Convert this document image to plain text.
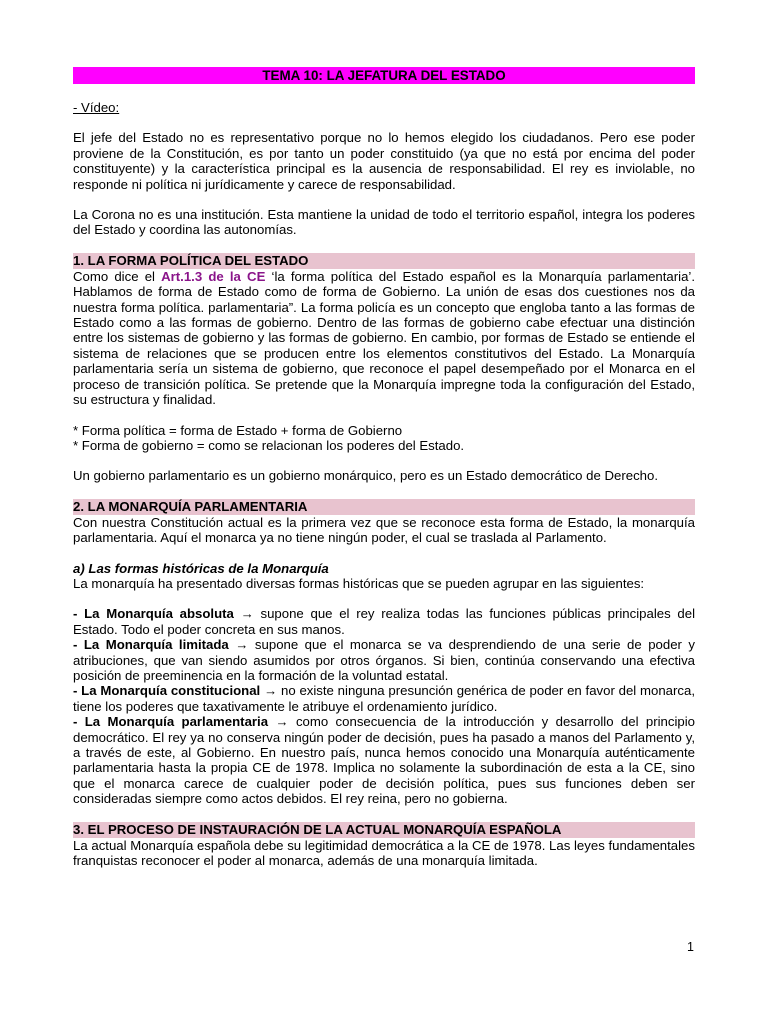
TEMA 10: LA JEFATURA DEL ESTADO
- Vídeo:

El jefe del Estado no es representativo porque no lo hemos elegido los ciudadanos. Pero ese poder proviene de la Constitución, es por tanto un poder constituido (ya que no está por encima del poder constituyente) y la característica principal es la ausencia de responsabilidad. El rey es inviolable, no responde ni política ni jurídicamente y carece de responsabilidad.

La Corona no es una institución. Esta mantiene la unidad de todo el territorio español, integra los poderes del Estado y coordina las autonomías.

1. LA FORMA POLÍTICA DEL ESTADO

Como dice el Art.1.3 de la CE ‘la forma política del Estado español es la Monarquía parlamentaria’. Hablamos de forma de Estado como de forma de Gobierno. La unión de esas dos cuestiones nos da nuestra forma política. parlamentaria”. La forma policía es un concepto que engloba tanto a las formas de Estado como a las formas de gobierno. Dentro de las formas de gobierno cabe efectuar una distinción entre los sistemas de gobierno y las formas de gobierno. En cambio, por formas de Estado se entiende el sistema de relaciones que se producen entre los elementos constitutivos del Estado. La Monarquía parlamentaria sería un sistema de gobierno, que reconoce el papel desempeñado por el Monarca en el proceso de transición política. Se pretende que la Monarquía impregne toda la configuración del Estado, su estructura y finalidad.

* Forma política = forma de Estado + forma de Gobierno

* Forma de gobierno = como se relacionan los poderes del Estado.

Un gobierno parlamentario es un gobierno monárquico, pero es un Estado democrático de Derecho.

2. LA MONARQUÍA PARLAMENTARIA

Con nuestra Constitución actual es la primera vez que se reconoce esta forma de Estado, la monarquía parlamentaria. Aquí el monarca ya no tiene ningún poder, el cual se traslada al Parlamento.

a) Las formas históricas de la Monarquía

La monarquía ha presentado diversas formas históricas que se pueden agrupar en las siguientes:

- La Monarquía absoluta → supone que el rey realiza todas las funciones públicas principales del Estado. Todo el poder concreta en sus manos.

- La Monarquía limitada → supone que el monarca se va desprendiendo de una serie de poder y atribuciones, que van siendo asumidos por otros órganos. Si bien, continúa conservando una efectiva posición de preeminencia en la formación de la voluntad estatal.

- La Monarquía constitucional → no existe ninguna presunción genérica de poder en favor del monarca, tiene los poderes que taxativamente le atribuye el ordenamiento jurídico.

- La Monarquía parlamentaria → como consecuencia de la introducción y desarrollo del principio democrático. El rey ya no conserva ningún poder de decisión, pues ha pasado a manos del Parlamento y, a través de este, al Gobierno. En nuestro país, nunca hemos conocido una Monarquía auténticamente parlamentaria hasta la propia CE de 1978. Implica no solamente la subordinación de esta a la CE, sino que el monarca carece de cualquier poder de decisión política, pues sus funciones deben ser consideradas siempre como actos debidos. El rey reina, pero no gobierna.

3. EL PROCESO DE INSTAURACIÓN DE LA ACTUAL MONARQUÍA ESPAÑOLA

La actual Monarquía española debe su legitimidad democrática a la CE de 1978. Las leyes fundamentales franquistas reconocer el poder al monarca, además de una monarquía limitada.

1
